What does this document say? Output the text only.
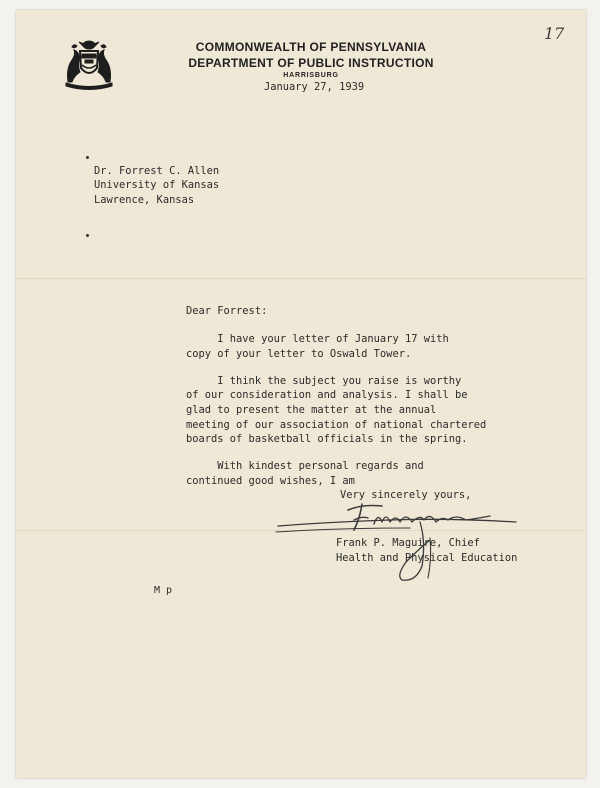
COMMONWEALTH OF PENNSYLVANIA

DEPARTMENT OF PUBLIC INSTRUCTION

HARRISBURG

17

January 27, 1939

Dr. Forrest C. Allen

University of Kansas

Lawrence, Kansas

Dear Forrest:

I have your letter of January 17 with

copy of your letter to Oswald Tower.

I think the subject you raise is worthy

of our consideration and analysis. I shall be

glad to present the matter at the annual

meeting of our association of national chartered

boards of basketball officials in the spring.

With kindest personal regards and

continued good wishes, I am

Very sincerely yours,

Frank P. Maguire, Chief

Health and Physical Education

M p
